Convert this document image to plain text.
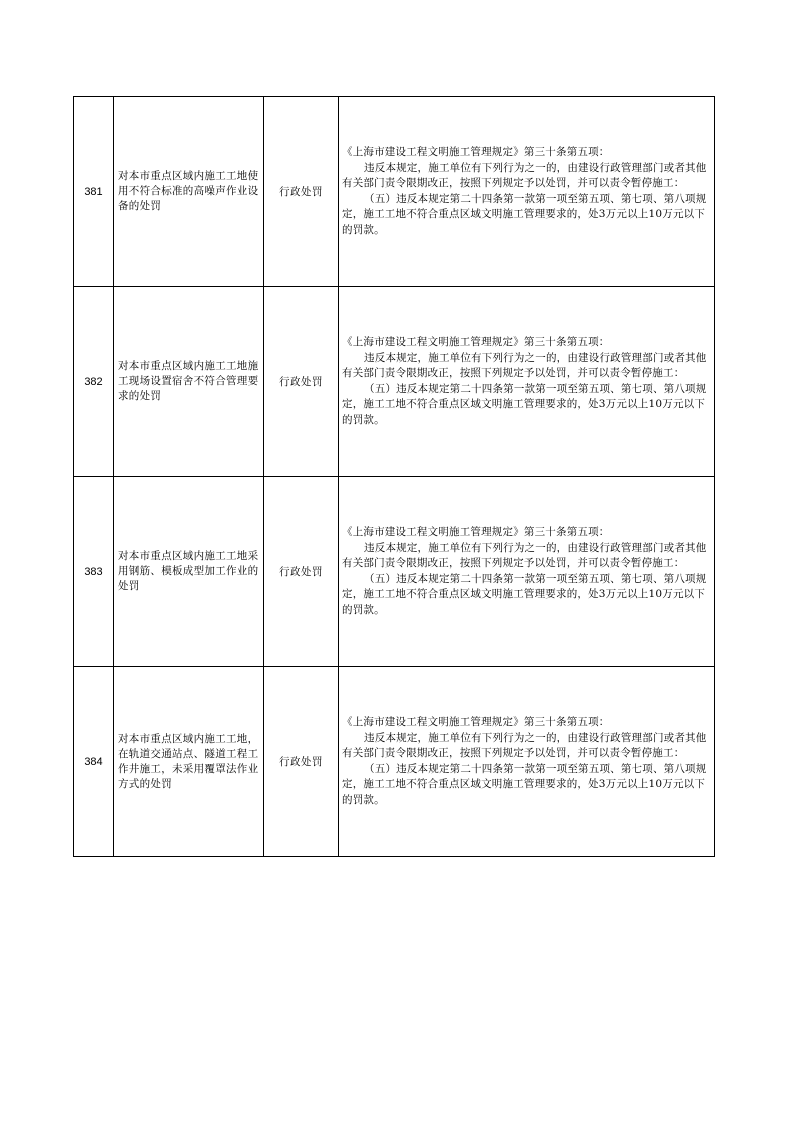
381	对本市重点区域内施工工地使用不符合标准的高噪声作业设备的处罚	行政处罚	《上海市建设工程文明施工管理规定》第三十条第五项：

违反本规定，施工单位有下列行为之一的，由建设行政管理部门或者其他有关部门责令限期改正，按照下列规定予以处罚，并可以责令暂停施工：

（五）违反本规定第二十四条第一款第一项至第五项、第七项、第八项规定，施工工地不符合重点区域文明施工管理要求的，处3万元以上10万元以下的罚款。

382	对本市重点区域内施工工地施工现场设置宿舍不符合管理要求的处罚	行政处罚	《上海市建设工程文明施工管理规定》第三十条第五项：

违反本规定，施工单位有下列行为之一的，由建设行政管理部门或者其他有关部门责令限期改正，按照下列规定予以处罚，并可以责令暂停施工：

（五）违反本规定第二十四条第一款第一项至第五项、第七项、第八项规定，施工工地不符合重点区域文明施工管理要求的，处3万元以上10万元以下的罚款。

383	对本市重点区域内施工工地采用钢筋、模板成型加工作业的处罚	行政处罚	《上海市建设工程文明施工管理规定》第三十条第五项：

违反本规定，施工单位有下列行为之一的，由建设行政管理部门或者其他有关部门责令限期改正，按照下列规定予以处罚，并可以责令暂停施工：

（五）违反本规定第二十四条第一款第一项至第五项、第七项、第八项规定，施工工地不符合重点区域文明施工管理要求的，处3万元以上10万元以下的罚款。

384	对本市重点区域内施工工地，在轨道交通站点、隧道工程工作井施工，未采用覆罩法作业方式的处罚	行政处罚	《上海市建设工程文明施工管理规定》第三十条第五项：

违反本规定，施工单位有下列行为之一的，由建设行政管理部门或者其他有关部门责令限期改正，按照下列规定予以处罚，并可以责令暂停施工：

（五）违反本规定第二十四条第一款第一项至第五项、第七项、第八项规定，施工工地不符合重点区域文明施工管理要求的，处3万元以上10万元以下的罚款。
